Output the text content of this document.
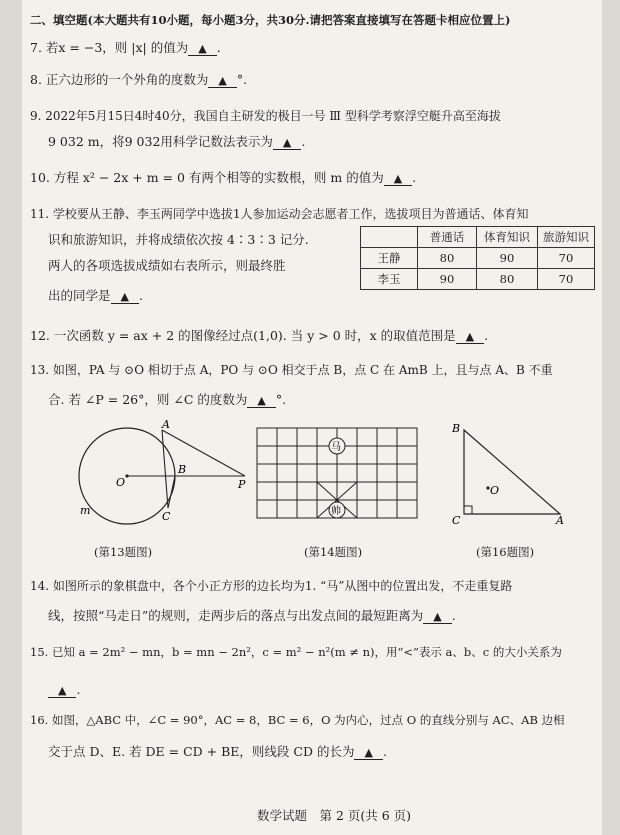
二、填空题(本大题共有10小题，每小题3分，共30分.请把答案直接填写在答题卡相应位置上)
7. 若x = −3，则 |x| 的值为 ▲ .
8. 正六边形的一个外角的度数为 ▲ °.
9. 2022年5月15日4时40分，我国自主研发的极目一号 Ⅲ 型科学考察浮空艇升高至海拔
9 032 m，将9 032用科学记数法表示为 ▲ .
10. 方程 x² − 2x + m = 0 有两个相等的实数根，则 m 的值为 ▲ .
11. 学校要从王静、李玉两同学中选拔1人参加运动会志愿者工作，选拔项目为普通话、体育知
识和旅游知识，并将成绩依次按 4∶3∶3 记分.
两人的各项选拔成绩如右表所示，则最终胜
出的同学是 ▲ .
	普通话	体育知识	旅游知识
王静	80	90	70
李玉	90	80	70
12. 一次函数 y = ax + 2 的图像经过点(1,0). 当 y > 0 时，x 的取值范围是 ▲ .
13. 如图，PA 与 ⊙O 相切于点 A，PO 与 ⊙O 相交于点 B，点 C 在 AmB 上，且与点 A、B 不重
合. 若 ∠P = 26°，则 ∠C 的度数为 ▲ °.
A
B
C
O	P
m
(第13题图)
马
帅
(第14题图)
B
C	A
O
(第16题图)
14. 如图所示的象棋盘中，各个小正方形的边长均为1. “马”从图中的位置出发，不走重复路
线，按照“马走日”的规则，走两步后的落点与出发点间的最短距离为 ▲ .
15. 已知 a = 2m² − mn，b = mn − 2n²，c = m² − n²(m ≠ n)，用“<”表示 a、b、c 的大小关系为
▲ .
16. 如图，△ABC 中，∠C = 90°，AC = 8，BC = 6，O 为内心，过点 O 的直线分别与 AC、AB 边相
交于点 D、E. 若 DE = CD + BE，则线段 CD 的长为 ▲ .
数学试题　第 2 页(共 6 页)
